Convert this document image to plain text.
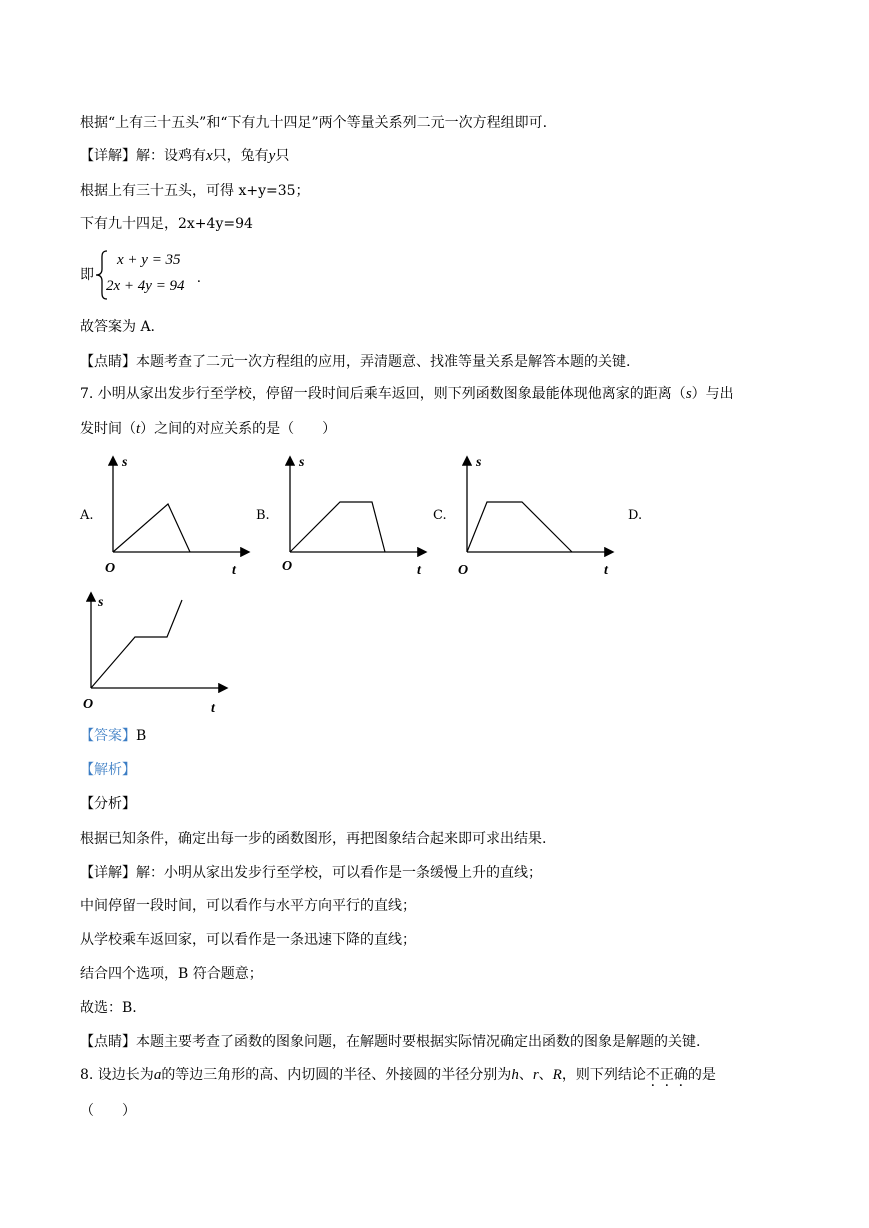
根据“上有三十五头”和“下有九十四足”两个等量关系列二元一次方程组即可.
【详解】解：设鸡有x只，兔有y只
根据上有三十五头，可得 x+y=35；
下有九十四足，2x+4y=94
即
x + y = 35
2x + 4y = 94 .
故答案为 A.
【点睛】本题考查了二元一次方程组的应用，弄清题意、找准等量关系是解答本题的关键.
7. 小明从家出发步行至学校，停留一段时间后乘车返回，则下列函数图象最能体现他离家的距离（s）与出
发时间（t）之间的对应关系的是（　　）
A.	B.	C.	D.
s
O	t
s
O	t
s
O	t
s
O	t
【答案】B
【解析】
【分析】
根据已知条件，确定出每一步的函数图形，再把图象结合起来即可求出结果.
【详解】解：小明从家出发步行至学校，可以看作是一条缓慢上升的直线；
中间停留一段时间，可以看作与水平方向平行的直线；
从学校乘车返回家，可以看作是一条迅速下降的直线；
结合四个选项，B 符合题意；
故选：B.
【点睛】本题主要考查了函数的图象问题，在解题时要根据实际情况确定出函数的图象是解题的关键.
8. 设边长为a的等边三角形的高、内切圆的半径、外接圆的半径分别为h、r、R，则下列结论不正确的是
（　　）
